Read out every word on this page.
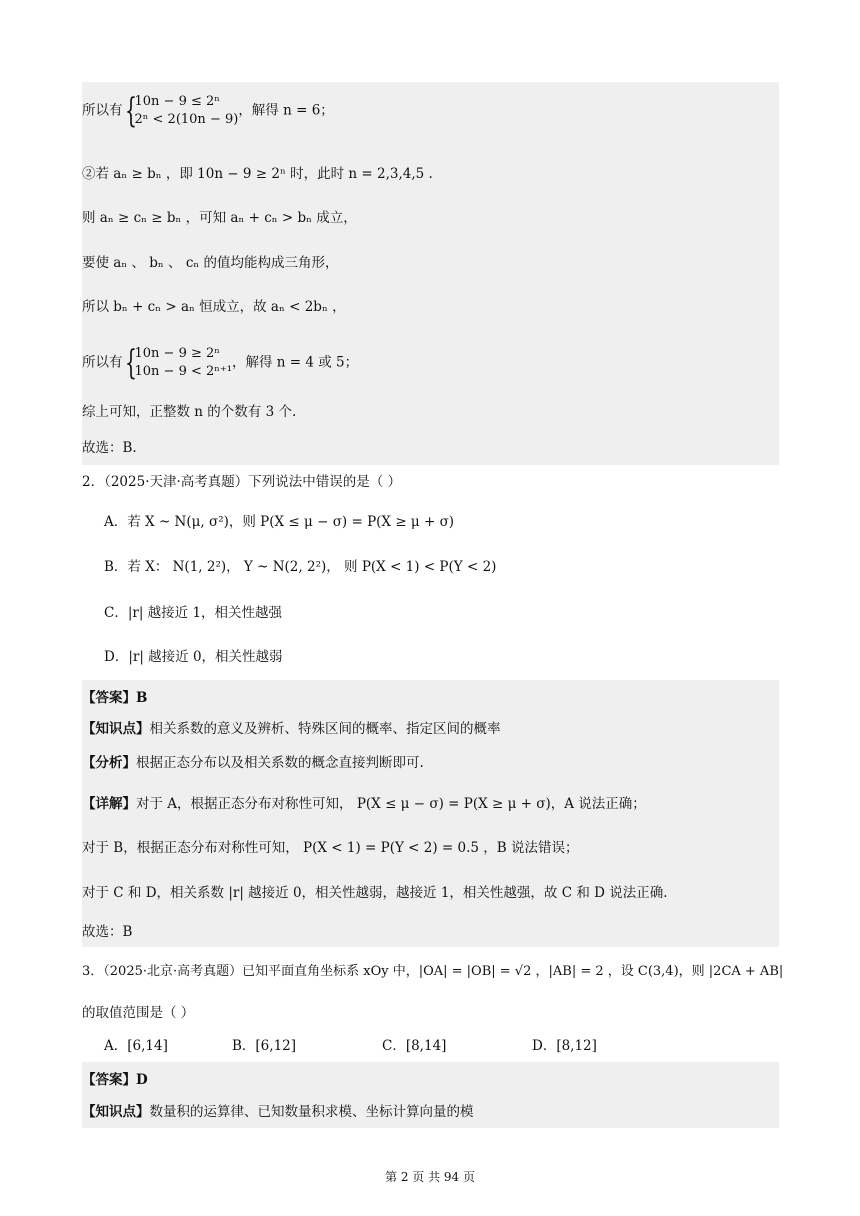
所以有 {
10n − 9 ≤ 2ⁿ
2ⁿ < 2(10n − 9)
，解得 n = 6；
②若 aₙ ≥ bₙ ，即 10n − 9 ≥ 2ⁿ 时，此时 n = 2,3,4,5 .
则 aₙ ≥ cₙ ≥ bₙ ，可知 aₙ + cₙ > bₙ 成立，
要使 aₙ 、 bₙ 、 cₙ 的值均能构成三角形，
所以 bₙ + cₙ > aₙ 恒成立，故 aₙ < 2bₙ ，
所以有 {
10n − 9 ≥ 2ⁿ
10n − 9 < 2ⁿ⁺¹
，解得 n = 4 或 5；
综上可知，正整数 n 的个数有 3 个.
故选：B.
2．（2025·天津·高考真题）下列说法中错误的是（ ）
A．若 X ~ N(μ, σ²)，则 P(X ≤ μ − σ) = P(X ≥ μ + σ)
B．若 X： N(1, 2²)， Y ~ N(2, 2²)， 则 P(X < 1) < P(Y < 2)
C．|r| 越接近 1，相关性越强
D．|r| 越接近 0，相关性越弱
【答案】B
【知识点】相关系数的意义及辨析、特殊区间的概率、指定区间的概率
【分析】根据正态分布以及相关系数的概念直接判断即可.
【详解】对于 A，根据正态分布对称性可知， P(X ≤ μ − σ) = P(X ≥ μ + σ)，A 说法正确；
对于 B，根据正态分布对称性可知， P(X < 1) = P(Y < 2) = 0.5 ，B 说法错误；
对于 C 和 D，相关系数 |r| 越接近 0，相关性越弱，越接近 1，相关性越强，故 C 和 D 说法正确.
故选：B
3．（2025·北京·高考真题）已知平面直角坐标系 xOy 中，|OA| = |OB| = √2 ，|AB| = 2 ，设 C(3,4)，则 |2CA + AB|
的取值范围是（ ）
A．[6,14]	B．[6,12]	C．[8,14]	D．[8,12]
【答案】D
【知识点】数量积的运算律、已知数量积求模、坐标计算向量的模
第 2 页 共 94 页
